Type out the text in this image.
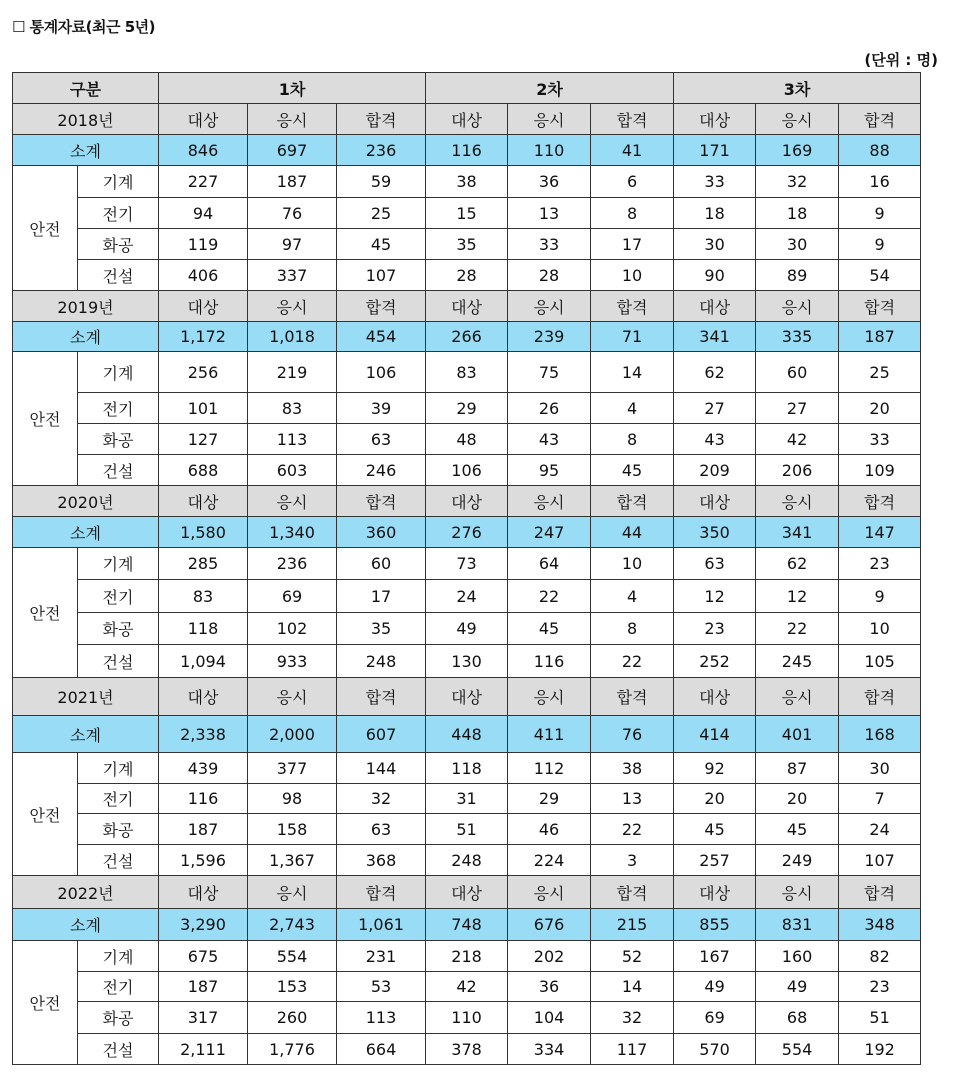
☐ 통계자료(최근 5년)
(단위 : 명)
구분		1차			2차			3차		
2018년		대상	응시	합격	대상	응시	합격	대상	응시	합격
소계		846	697	236	116	110	41	171	169	88
안전	기계	227	187	59	38	36	6	33	32	16
	전기	94	76	25	15	13	8	18	18	9
	화공	119	97	45	35	33	17	30	30	9
	건설	406	337	107	28	28	10	90	89	54
2019년		대상	응시	합격	대상	응시	합격	대상	응시	합격
소계		1,172	1,018	454	266	239	71	341	335	187
안전	기계	256	219	106	83	75	14	62	60	25
	전기	101	83	39	29	26	4	27	27	20
	화공	127	113	63	48	43	8	43	42	33
	건설	688	603	246	106	95	45	209	206	109
2020년		대상	응시	합격	대상	응시	합격	대상	응시	합격
소계		1,580	1,340	360	276	247	44	350	341	147
안전	기계	285	236	60	73	64	10	63	62	23
	전기	83	69	17	24	22	4	12	12	9
	화공	118	102	35	49	45	8	23	22	10
	건설	1,094	933	248	130	116	22	252	245	105
2021년		대상	응시	합격	대상	응시	합격	대상	응시	합격
소계		2,338	2,000	607	448	411	76	414	401	168
안전	기계	439	377	144	118	112	38	92	87	30
	전기	116	98	32	31	29	13	20	20	7
	화공	187	158	63	51	46	22	45	45	24
	건설	1,596	1,367	368	248	224	3	257	249	107
2022년		대상	응시	합격	대상	응시	합격	대상	응시	합격
소계		3,290	2,743	1,061	748	676	215	855	831	348
안전	기계	675	554	231	218	202	52	167	160	82
	전기	187	153	53	42	36	14	49	49	23
	화공	317	260	113	110	104	32	69	68	51
	건설	2,111	1,776	664	378	334	117	570	554	192
